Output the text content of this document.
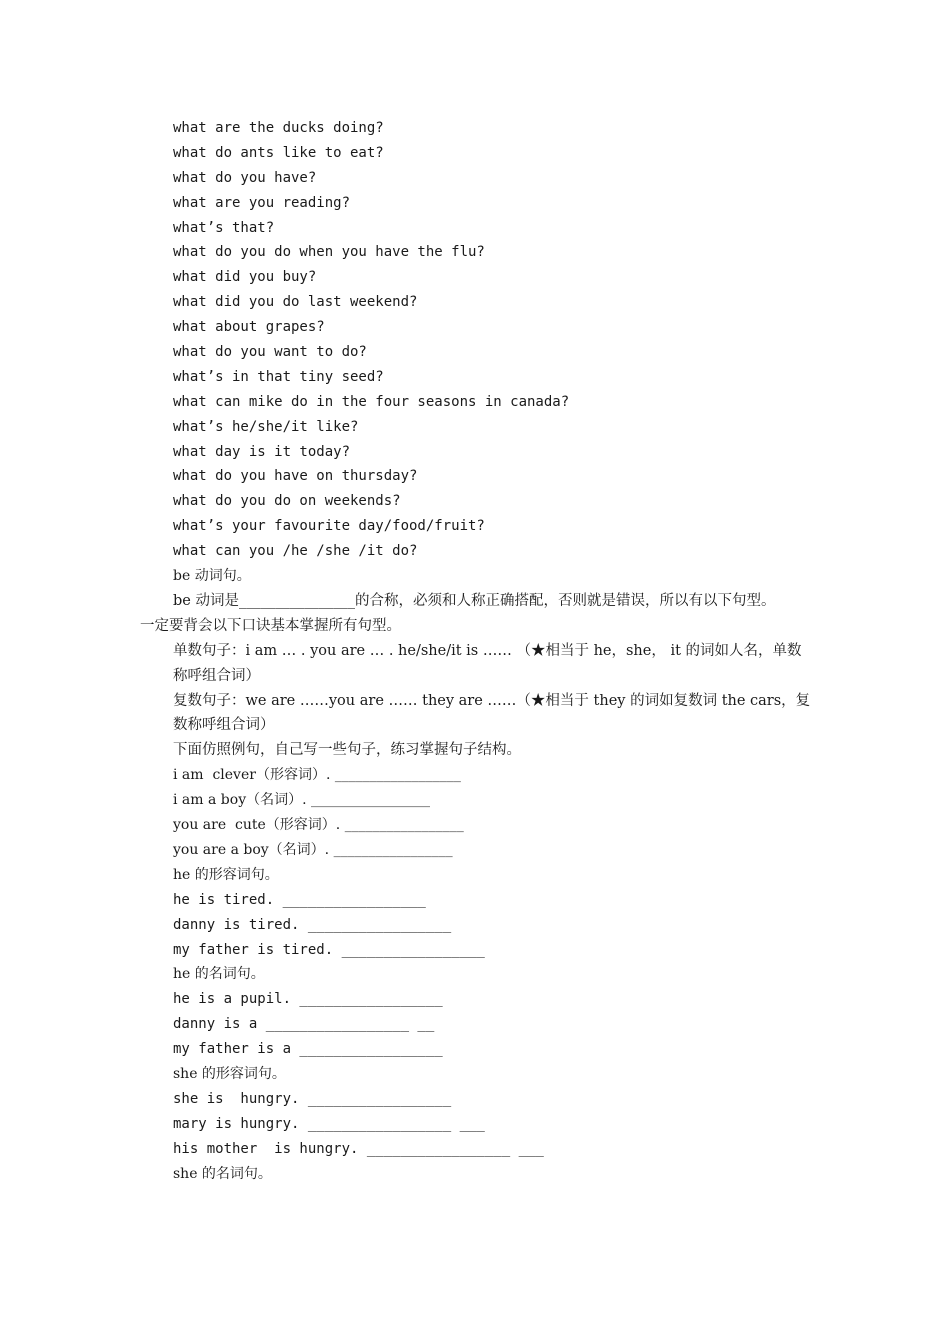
what are the ducks doing?

what do ants like to eat?

what do you have?

what are you reading?

what’s that?

what do you do when you have the flu?

what did you buy?

what did you do last weekend?

what about grapes?

what do you want to do?

what’s in that tiny seed?

what can mike do in the four seasons in canada?

what’s he/she/it like?

what day is it today?

what do you have on thursday?

what do you do on weekends?

what’s your favourite day/food/fruit?

what can you /he /she /it do?

be 动词句。

be 动词是________________的合称，必须和人称正确搭配，否则就是错误，所以有以下句型。

一定要背会以下口诀基本掌握所有句型。

单数句子：i am … . you are … . he/she/it is …… （★相当于 he，she， it 的词如人名，单数称呼组合词）

复数句子：we are ……you are …… they are ……（★相当于 they 的词如复数词 the cars，复数称呼组合词）

下面仿照例句，自己写一些句子，练习掌握句子结构。

i am  clever（形容词）. __________________

i am a boy（名词）. _________________

you are  cute（形容词）. _________________

you are a boy（名词）. _________________

he 的形容词句。

he is tired. _________________

danny is tired. _________________

my father is tired. _________________

he 的名词句。

he is a pupil. _________________

danny is a _________________ __

my father is a _________________

she 的形容词句。

she is  hungry. _________________

mary is hungry. _________________ ___

his mother  is hungry. _________________ ___

she 的名词句。
